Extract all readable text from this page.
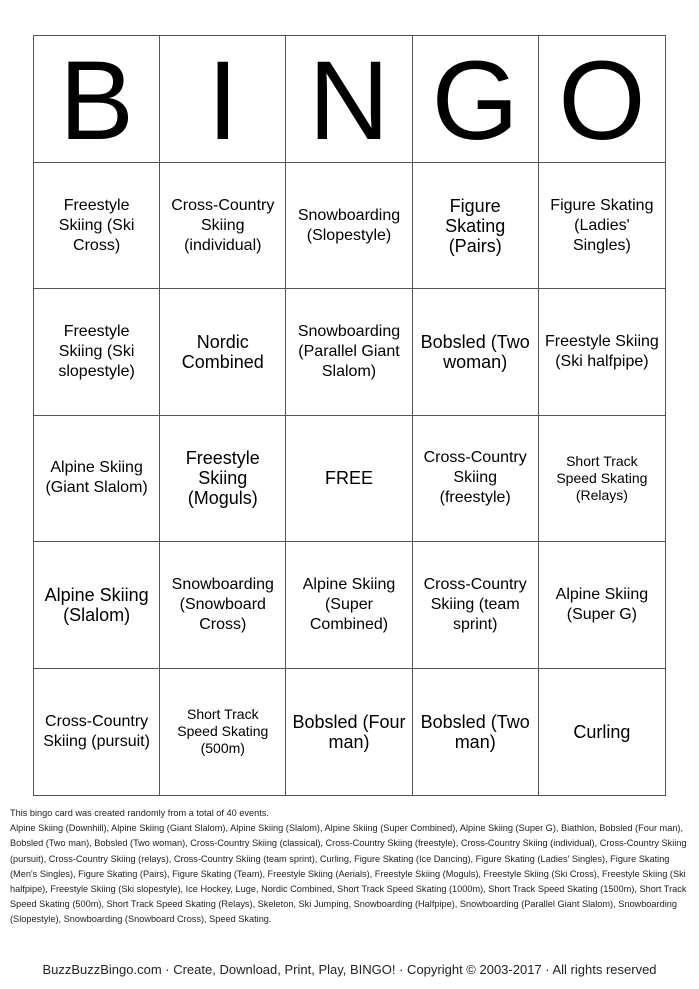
B I N G O
Freestyle Skiing (Ski Cross)
Cross-Country Skiing (individual)
Snowboarding (Slopestyle)
Figure Skating (Pairs)
Figure Skating (Ladies' Singles)
Freestyle Skiing (Ski slopestyle)
Nordic Combined
Snowboarding (Parallel Giant Slalom)
Bobsled (Two woman)
Freestyle Skiing (Ski halfpipe)
Alpine Skiing (Giant Slalom)
Freestyle Skiing (Moguls)
FREE
Cross-Country Skiing (freestyle)
Short Track Speed Skating (Relays)
Alpine Skiing (Slalom)
Snowboarding (Snowboard Cross)
Alpine Skiing (Super Combined)
Cross-Country Skiing (team sprint)
Alpine Skiing (Super G)
Cross-Country Skiing (pursuit)
Short Track Speed Skating (500m)
Bobsled (Four man)
Bobsled (Two man)	Curling
This bingo card was created randomly from a total of 40 events.
Alpine Skiing (Downhill), Alpine Skiing (Giant Slalom), Alpine Skiing (Slalom), Alpine Skiing (Super Combined), Alpine Skiing (Super G), Biathlon, Bobsled (Four man), Bobsled (Two man), Bobsled (Two woman), Cross-Country Skiing (classical), Cross-Country Skiing (freestyle), Cross-Country Skiing (individual), Cross-Country Skiing (pursuit), Cross-Country Skiing (relays), Cross-Country Skiing (team sprint), Curling, Figure Skating (Ice Dancing), Figure Skating (Ladies' Singles), Figure Skating (Men's Singles), Figure Skating (Pairs), Figure Skating (Team), Freestyle Skiing (Aerials), Freestyle Skiing (Moguls), Freestyle Skiing (Ski Cross), Freestyle Skiing (Ski halfpipe), Freestyle Skiing (Ski slopestyle), Ice Hockey, Luge, Nordic Combined, Short Track Speed Skating (1000m), Short Track Speed Skating (1500m), Short Track Speed Skating (500m), Short Track Speed Skating (Relays), Skeleton, Ski Jumping, Snowboarding (Halfpipe), Snowboarding (Parallel Giant Slalom), Snowboarding (Slopestyle), Snowboarding (Snowboard Cross), Speed Skating.
BuzzBuzzBingo.com · Create, Download, Print, Play, BINGO! · Copyright © 2003-2017 · All rights reserved
